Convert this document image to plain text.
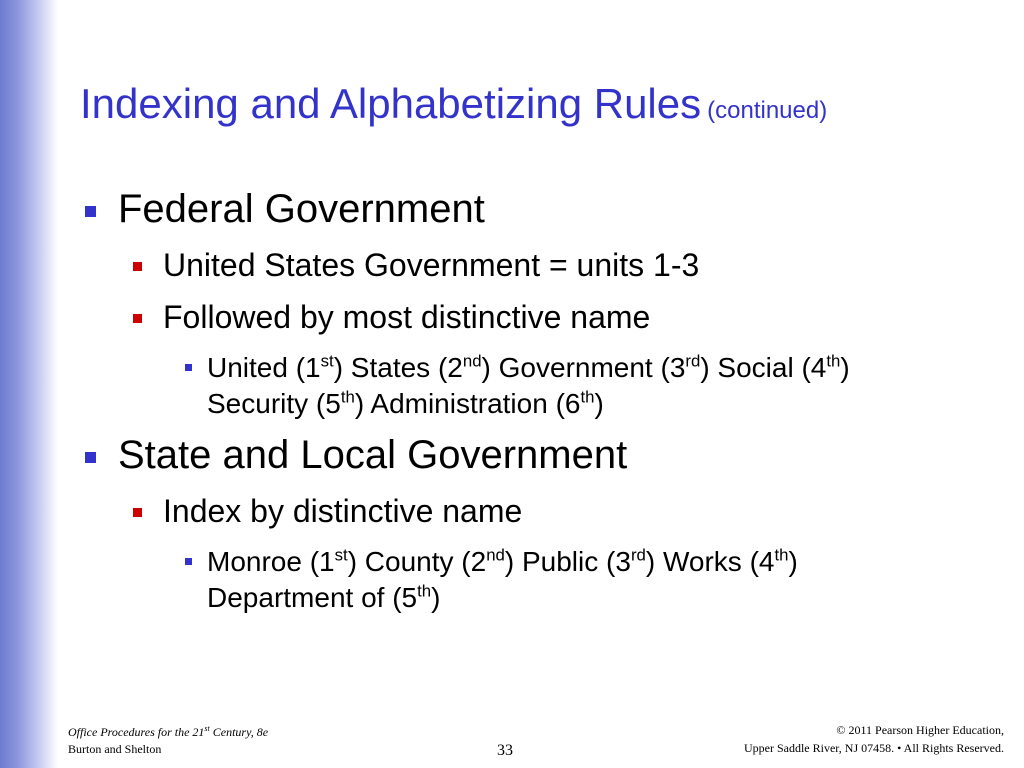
Indexing and Alphabetizing Rules (continued)
Federal Government
United States Government = units 1-3
Followed by most distinctive name
United (1st) States (2nd) Government (3rd) Social (4th) Security (5th) Administration (6th)
State and Local Government
Index by distinctive name
Monroe (1st) County (2nd) Public (3rd) Works (4th) Department of (5th)
Office Procedures for the 21st Century, 8e
Burton and Shelton	33
© 2011 Pearson Higher Education,
Upper Saddle River, NJ 07458. • All Rights Reserved.
